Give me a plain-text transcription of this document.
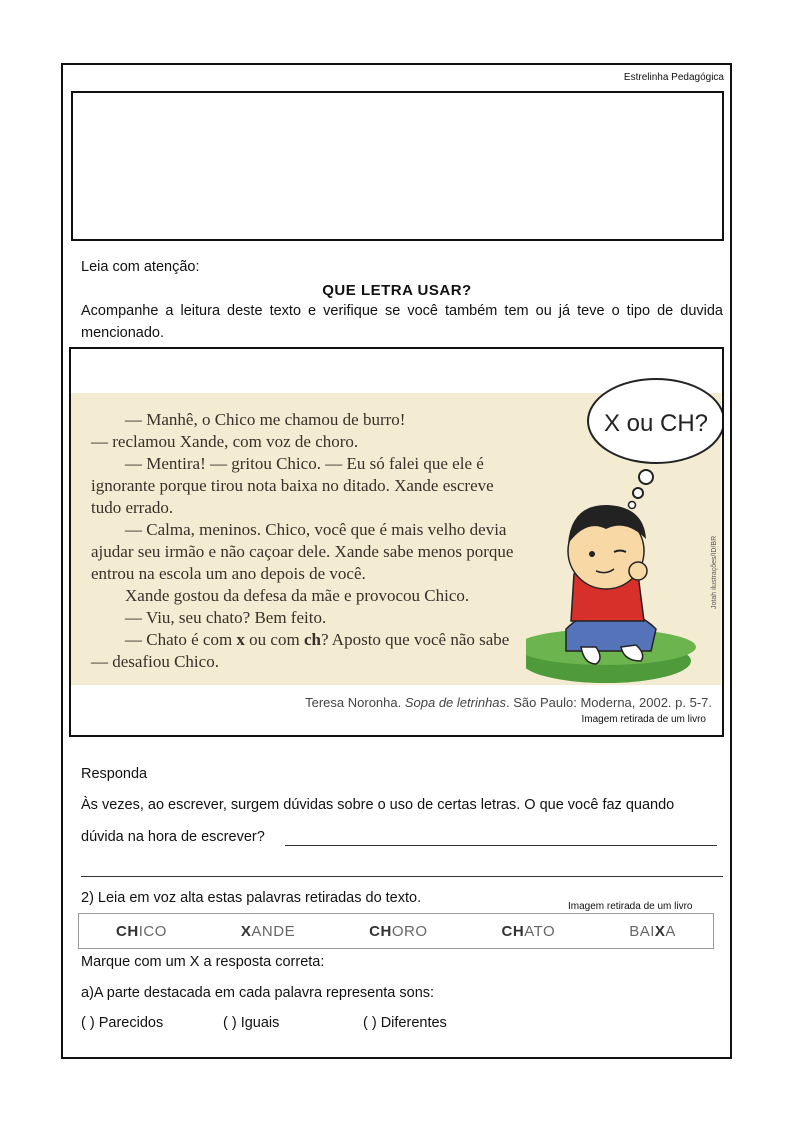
Estrelinha Pedagógica
Leia com atenção:
QUE LETRA USAR?
Acompanhe a leitura deste texto e verifique se você também tem ou já teve o tipo de duvida mencionado.

— Manhê, o Chico me chamou de burro!

— reclamou Xande, com voz de choro.

— Mentira! — gritou Chico. — Eu só falei que ele é ignorante porque tirou nota baixa no ditado. Xande escreve tudo errado.

— Calma, meninos. Chico, você que é mais velho devia ajudar seu irmão e não caçoar dele. Xande sabe menos porque entrou na escola um ano depois de você.

Xande gostou da defesa da mãe e provocou Chico.

— Viu, seu chato? Bem feito.

— Chato é com x ou com ch? Aposto que você não sabe — desafiou Chico.

X ou CH?
Jotah ilustrações/ID/BR
Teresa Noronha. Sopa de letrinhas. São Paulo: Moderna, 2002. p. 5-7.
Imagem retirada de um livro
Responda
Às vezes, ao escrever, surgem dúvidas sobre o uso de certas letras. O que você faz quando
dúvida na hora de escrever?
2) Leia em voz alta estas palavras retiradas do texto.
Imagem retirada de um livro
CHICO	XANDE	CHORO	CHATO	BAIXA
Marque com um X a resposta correta:
a)A parte destacada em cada palavra representa sons:
( ) Parecidos	( ) Iguais	( ) Diferentes
